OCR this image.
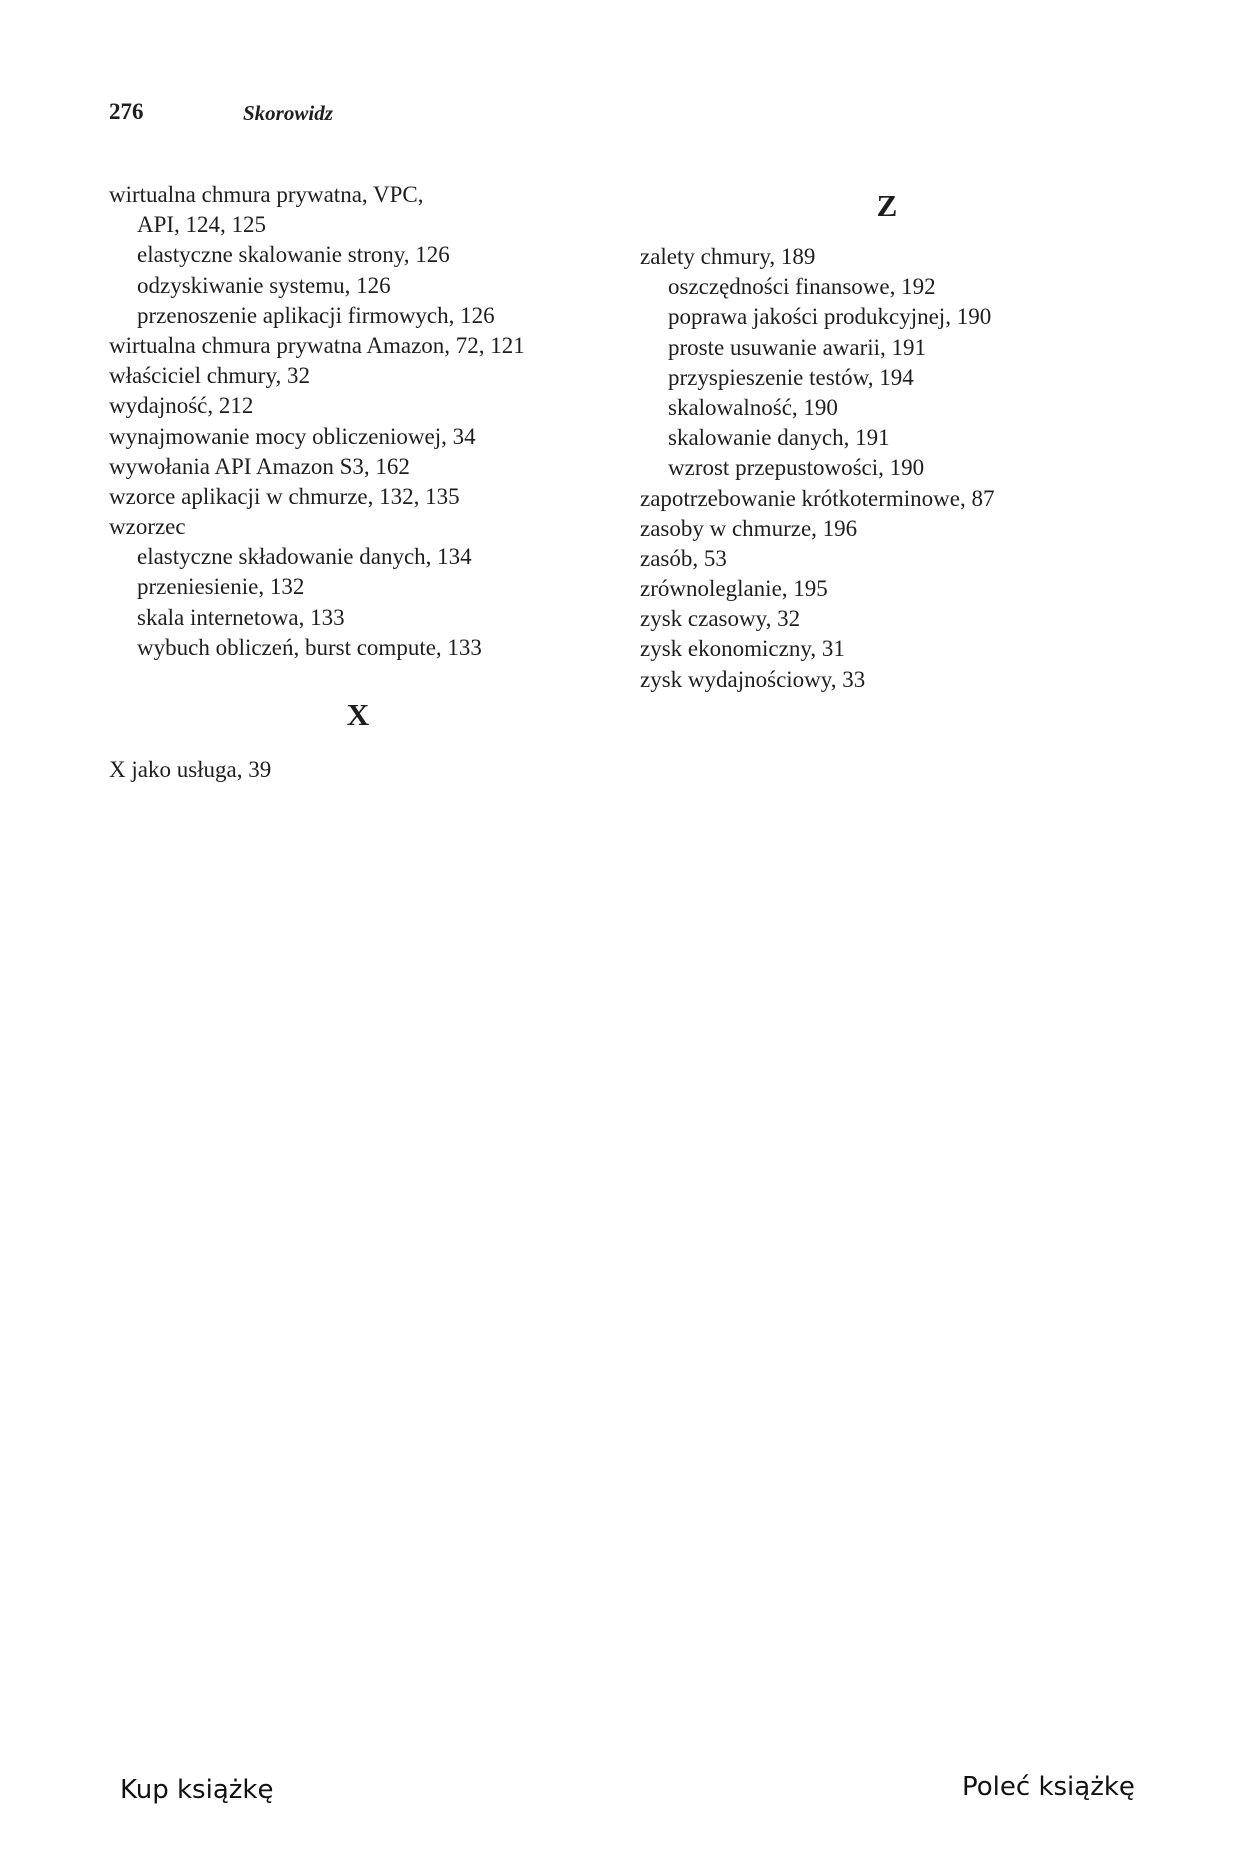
276	Skorowidz
wirtualna chmura prywatna, VPC,
API, 124, 125
elastyczne skalowanie strony, 126
odzyskiwanie systemu, 126
przenoszenie aplikacji firmowych, 126
wirtualna chmura prywatna Amazon, 72, 121
właściciel chmury, 32
wydajność, 212
wynajmowanie mocy obliczeniowej, 34
wywołania API Amazon S3, 162
wzorce aplikacji w chmurze, 132, 135
wzorzec
elastyczne składowanie danych, 134
przeniesienie, 132
skala internetowa, 133
wybuch obliczeń, burst compute, 133
X
X jako usługa, 39
Z
zalety chmury, 189
oszczędności finansowe, 192
poprawa jakości produkcyjnej, 190
proste usuwanie awarii, 191
przyspieszenie testów, 194
skalowalność, 190
skalowanie danych, 191
wzrost przepustowości, 190
zapotrzebowanie krótkoterminowe, 87
zasoby w chmurze, 196
zasób, 53
zrównoleglanie, 195
zysk czasowy, 32
zysk ekonomiczny, 31
zysk wydajnościowy, 33
Kup książkę	Poleć książkę
